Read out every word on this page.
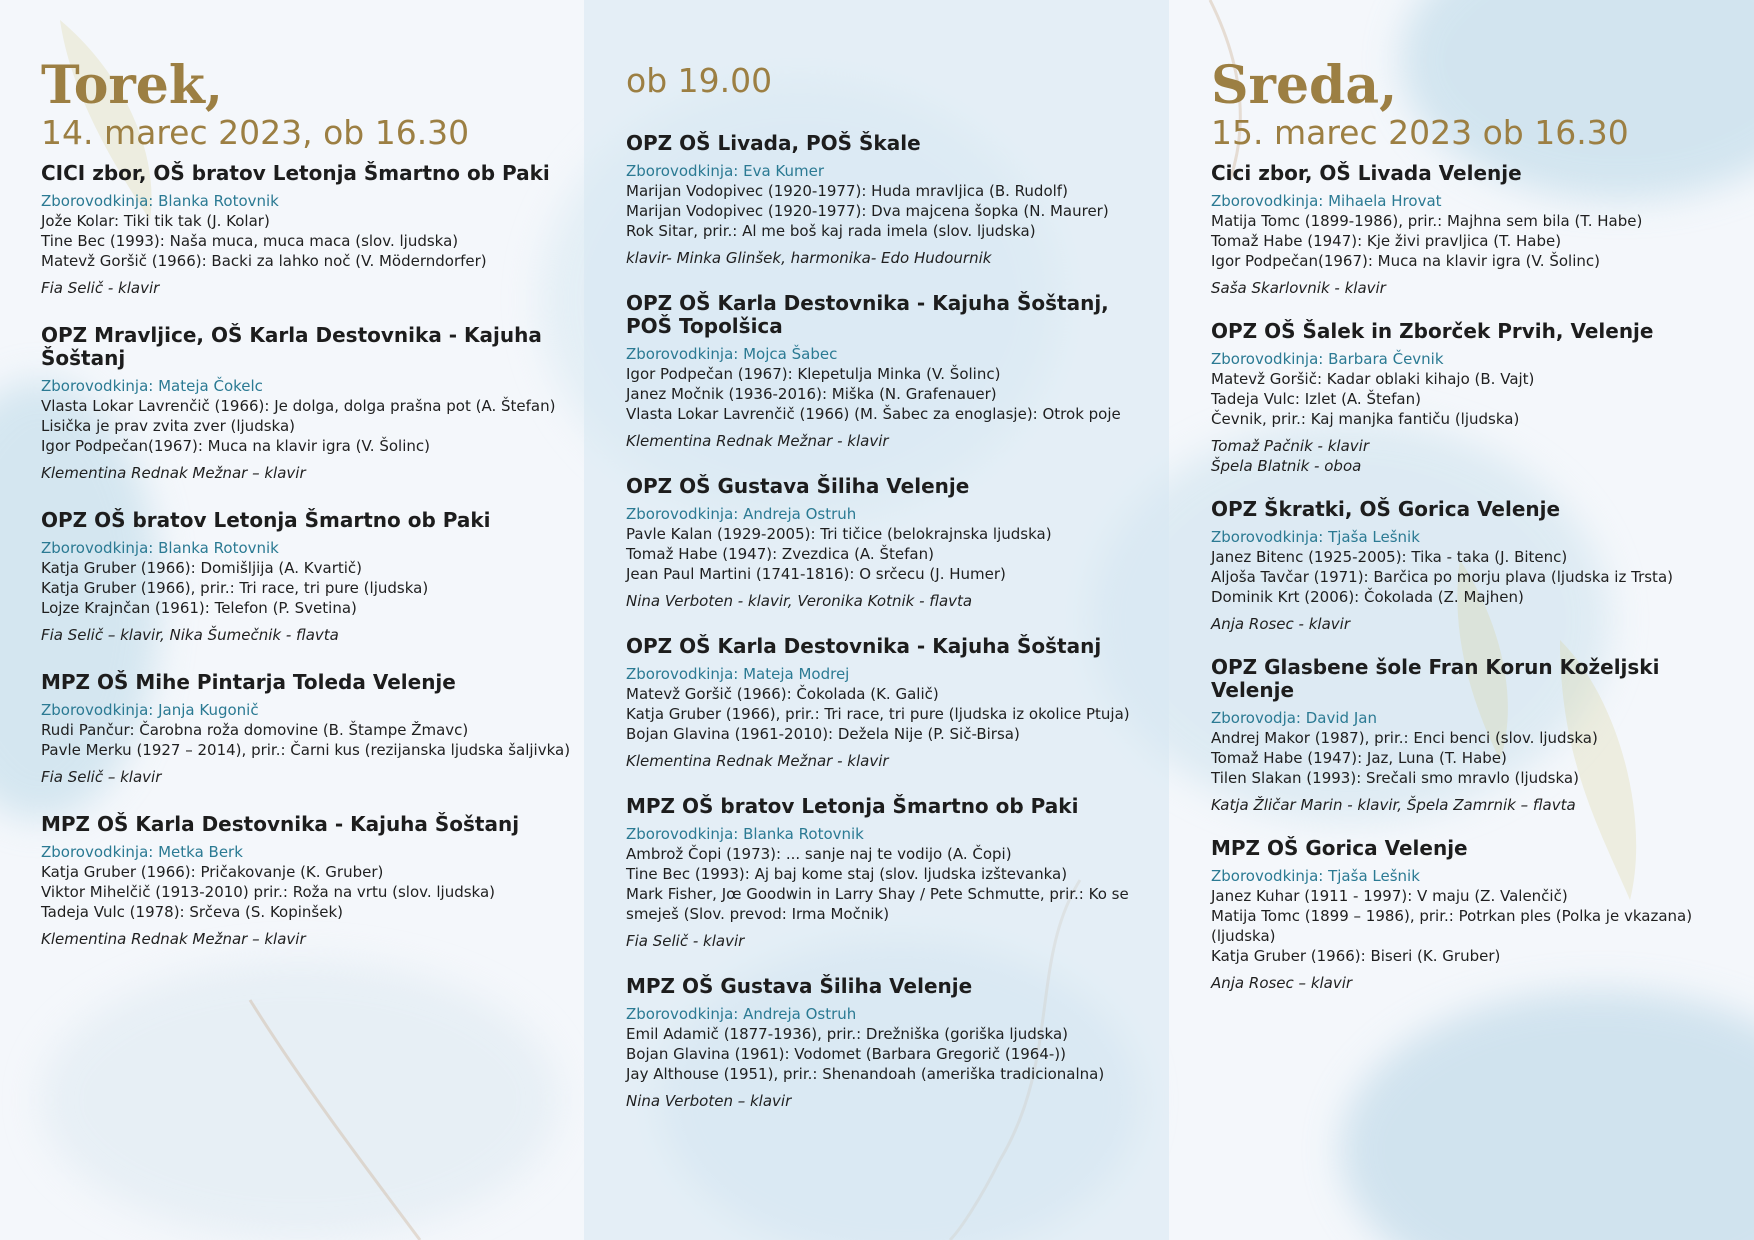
Torek,
14. marec 2023, ob 16.30
CICI zbor, OŠ bratov Letonja Šmartno ob Paki
Zborovodkinja: Blanka Rotovnik
Jože Kolar: Tiki tik tak (J. Kolar)
Tine Bec (1993): Naša muca, muca maca (slov. ljudska)
Matevž Goršič (1966): Backi za lahko noč (V. Möderndorfer)
Fia Selič - klavir
OPZ Mravljice, OŠ Karla Destovnika - Kajuha Šoštanj
Zborovodkinja: Mateja Čokelc
Vlasta Lokar Lavrenčič (1966): Je dolga, dolga prašna pot (A. Štefan)
Lisička je prav zvita zver (ljudska)
Igor Podpečan(1967): Muca na klavir igra (V. Šolinc)
Klementina Rednak Mežnar – klavir
OPZ OŠ bratov Letonja Šmartno ob Paki
Zborovodkinja: Blanka Rotovnik
Katja Gruber (1966): Domišljija (A. Kvartič)
Katja Gruber (1966), prir.: Tri race, tri pure (ljudska)
Lojze Krajnčan (1961): Telefon (P. Svetina)
Fia Selič – klavir, Nika Šumečnik - flavta
MPZ OŠ Mihe Pintarja Toleda Velenje
Zborovodkinja: Janja Kugonič
Rudi Pančur: Čarobna roža domovine (B. Štampe Žmavc)
Pavle Merku (1927 – 2014), prir.: Čarni kus (rezijanska ljudska šaljivka)
Fia Selič – klavir
MPZ OŠ Karla Destovnika - Kajuha Šoštanj
Zborovodkinja: Metka Berk
Katja Gruber (1966): Pričakovanje (K. Gruber)
Viktor Mihelčič (1913-2010) prir.: Roža na vrtu (slov. ljudska)
Tadeja Vulc (1978): Srčeva (S. Kopinšek)
Klementina Rednak Mežnar – klavir
ob 19.00
OPZ OŠ Livada, POŠ Škale
Zborovodkinja: Eva Kumer
Marijan Vodopivec (1920-1977): Huda mravljica (B. Rudolf)
Marijan Vodopivec (1920-1977): Dva majcena šopka (N. Maurer)
Rok Sitar, prir.: Al me boš kaj rada imela (slov. ljudska)
klavir- Minka Glinšek, harmonika- Edo Hudournik
OPZ OŠ Karla Destovnika - Kajuha Šoštanj, POŠ Topolšica
Zborovodkinja: Mojca Šabec
Igor Podpečan (1967): Klepetulja Minka (V. Šolinc)
Janez Močnik (1936-2016): Miška (N. Grafenauer)
Vlasta Lokar Lavrenčič (1966) (M. Šabec za enoglasje): Otrok poje
Klementina Rednak Mežnar - klavir
OPZ OŠ Gustava Šiliha Velenje
Zborovodkinja: Andreja Ostruh
Pavle Kalan (1929-2005): Tri tičice (belokrajnska ljudska)
Tomaž Habe (1947): Zvezdica (A. Štefan)
Jean Paul Martini (1741-1816): O srčecu (J. Humer)
Nina Verboten - klavir, Veronika Kotnik - flavta
OPZ OŠ Karla Destovnika - Kajuha Šoštanj
Zborovodkinja: Mateja Modrej
Matevž Goršič (1966): Čokolada (K. Galič)
Katja Gruber (1966), prir.: Tri race, tri pure (ljudska iz okolice Ptuja)
Bojan Glavina (1961-2010): Dežela Nije (P. Sič-Birsa)
Klementina Rednak Mežnar - klavir
MPZ OŠ bratov Letonja Šmartno ob Paki
Zborovodkinja: Blanka Rotovnik
Ambrož Čopi (1973): ... sanje naj te vodijo (A. Čopi)
Tine Bec (1993): Aj baj kome staj (slov. ljudska izštevanka)
Mark Fisher, Jœ Goodwin in Larry Shay / Pete Schmutte, prir.: Ko se smeješ (Slov. prevod: Irma Močnik)
Fia Selič - klavir
MPZ OŠ Gustava Šiliha Velenje
Zborovodkinja: Andreja Ostruh
Emil Adamič (1877-1936), prir.: Drežniška (goriška ljudska)
Bojan Glavina (1961): Vodomet (Barbara Gregorič (1964-))
Jay Althouse (1951), prir.: Shenandoah (ameriška tradicionalna)
Nina Verboten – klavir
Sreda,
15. marec 2023 ob 16.30
Cici zbor, OŠ Livada Velenje
Zborovodkinja: Mihaela Hrovat
Matija Tomc (1899-1986), prir.: Majhna sem bila (T. Habe)
Tomaž Habe (1947): Kje živi pravljica (T. Habe)
Igor Podpečan(1967): Muca na klavir igra (V. Šolinc)
Saša Skarlovnik - klavir
OPZ OŠ Šalek in Zborček Prvih, Velenje
Zborovodkinja: Barbara Čevnik
Matevž Goršič: Kadar oblaki kihajo (B. Vajt)
Tadeja Vulc: Izlet (A. Štefan)
Čevnik, prir.: Kaj manjka fantiču (ljudska)
Tomaž Pačnik - klavir
Špela Blatnik - oboa
OPZ Škratki, OŠ Gorica Velenje
Zborovodkinja: Tjaša Lešnik
Janez Bitenc (1925-2005): Tika - taka (J. Bitenc)
Aljoša Tavčar (1971): Barčica po morju plava (ljudska iz Trsta)
Dominik Krt (2006): Čokolada (Z. Majhen)
Anja Rosec - klavir
OPZ Glasbene šole Fran Korun Koželjski Velenje
Zborovodja: David Jan
Andrej Makor (1987), prir.: Enci benci (slov. ljudska)
Tomaž Habe (1947): Jaz, Luna (T. Habe)
Tilen Slakan (1993): Srečali smo mravlo (ljudska)
Katja Žličar Marin - klavir, Špela Zamrnik – flavta
MPZ OŠ Gorica Velenje
Zborovodkinja: Tjaša Lešnik
Janez Kuhar (1911 - 1997): V maju (Z. Valenčič)
Matija Tomc (1899 – 1986), prir.: Potrkan ples (Polka je vkazana) (ljudska)
Katja Gruber (1966): Biseri (K. Gruber)
Anja Rosec – klavir
